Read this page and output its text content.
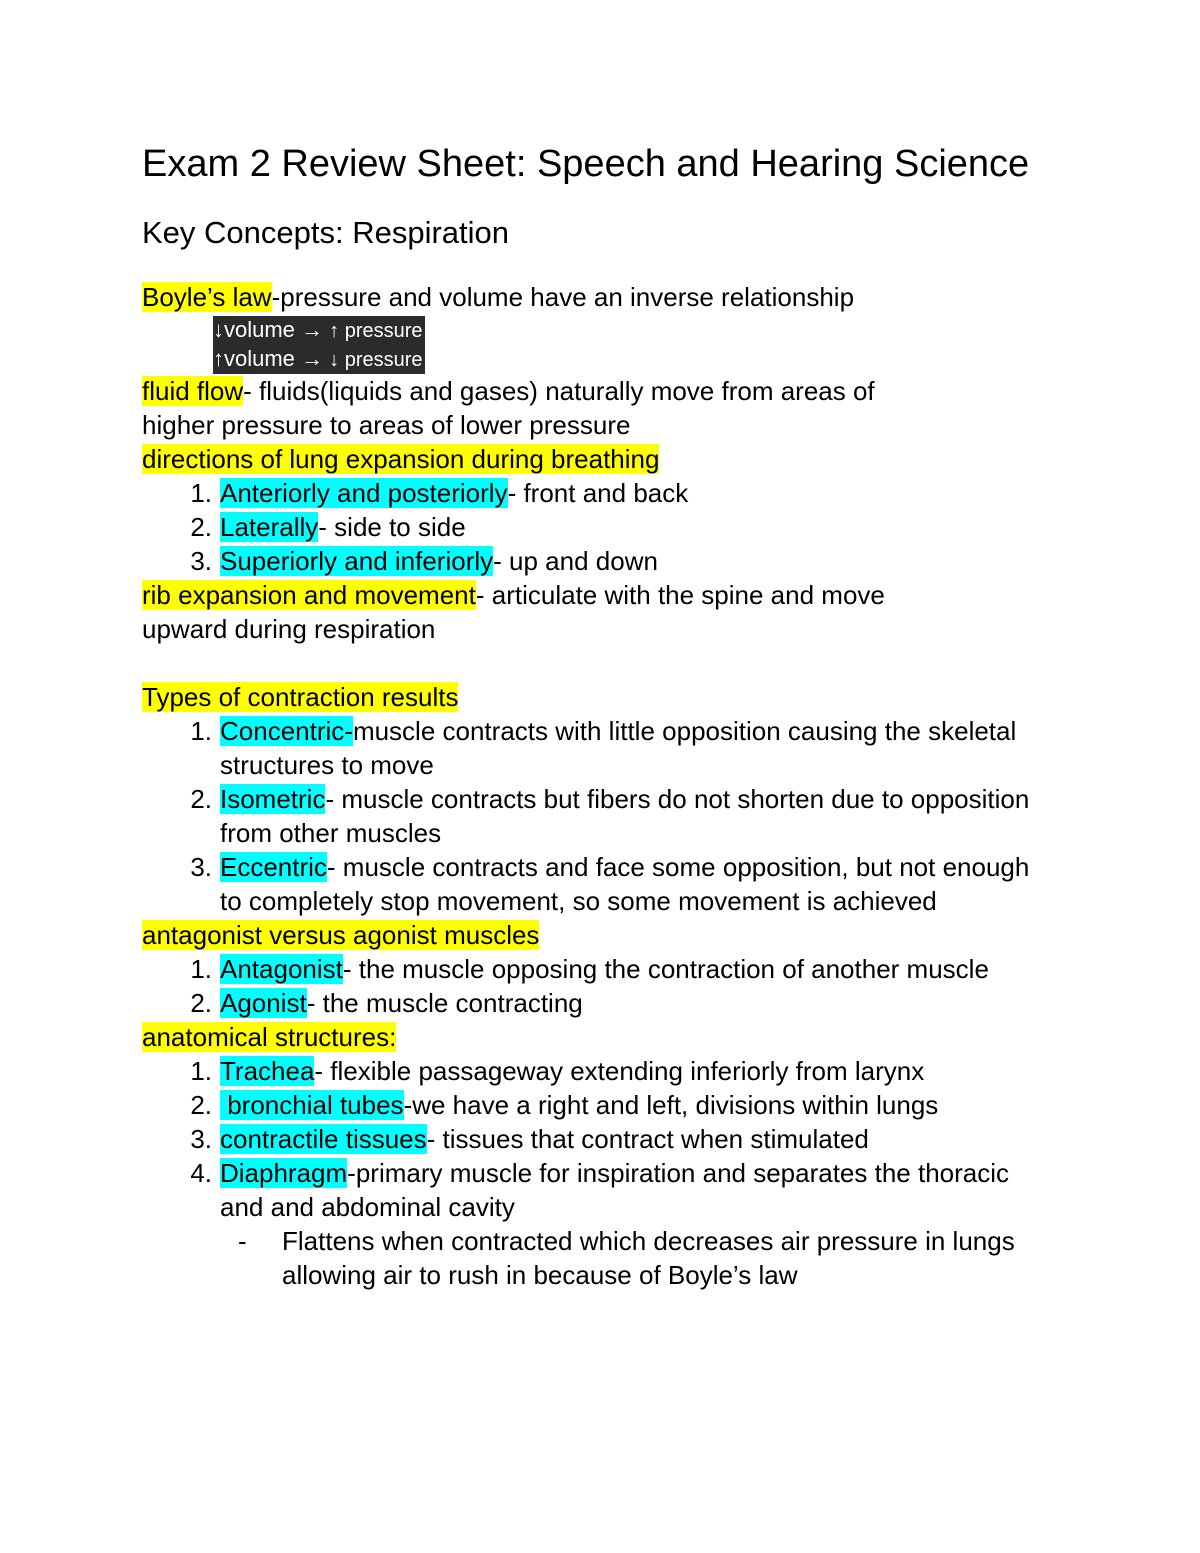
Exam 2 Review Sheet: Speech and Hearing Science
Key Concepts: Respiration

Boyle’s law-pressure and volume have an inverse relationship

↓volume → ↑ pressure
↑volume → ↓ pressure

fluid flow- fluids(liquids and gases) naturally move from areas of

higher pressure to areas of lower pressure

directions of lung expansion during breathing

1. Anteriorly and posteriorly- front and back
2. Laterally- side to side
3. Superiorly and inferiorly- up and down

rib expansion and movement- articulate with the spine and move

upward during respiration

Types of contraction results

1. Concentric-muscle contracts with little opposition causing the skeletal structures to move
2. Isometric- muscle contracts but fibers do not shorten due to opposition from other muscles
3. Eccentric- muscle contracts and face some opposition, but not enough to completely stop movement, so some movement is achieved

antagonist versus agonist muscles

1. Antagonist- the muscle opposing the contraction of another muscle
2. Agonist- the muscle contracting

anatomical structures:

1. Trachea- flexible passageway extending inferiorly from larynx
2. bronchial tubes-we have a right and left, divisions within lungs
3. contractile tissues- tissues that contract when stimulated
4. Diaphragm-primary muscle for inspiration and separates the thoracic and and abdominal cavity
-	Flattens when contracted which decreases air pressure in lungs allowing air to rush in because of Boyle’s law
